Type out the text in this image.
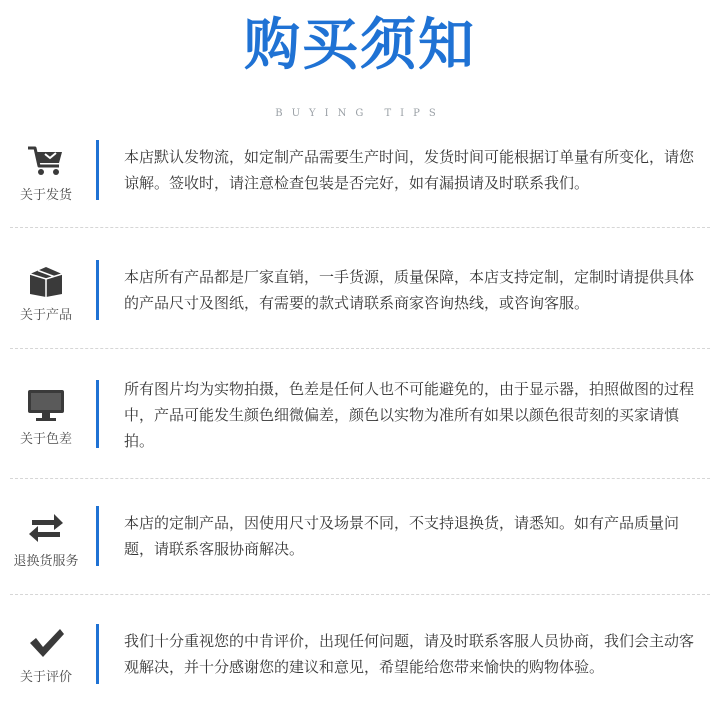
购买须知
BUYING TIPS
关于发货
本店默认发物流，如定制产品需要生产时间，发货时间可能根据订单量有所变化，请您谅解。签收时，请注意检查包装是否完好，如有漏损请及时联系我们。
关于产品
本店所有产品都是厂家直销，一手货源，质量保障，本店支持定制，定制时请提供具体的产品尺寸及图纸，有需要的款式请联系商家咨询热线，或咨询客服。
关于色差
所有图片均为实物拍摄，色差是任何人也不可能避免的，由于显示器，拍照做图的过程中，产品可能发生颜色细微偏差，颜色以实物为准所有如果以颜色很苛刻的买家请慎拍。
退换货服务
本店的定制产品，因使用尺寸及场景不同，不支持退换货，请悉知。如有产品质量问题，请联系客服协商解决。
关于评价
我们十分重视您的中肯评价，出现任何问题，请及时联系客服人员协商，我们会主动客观解决，并十分感谢您的建议和意见，希望能给您带来愉快的购物体验。
